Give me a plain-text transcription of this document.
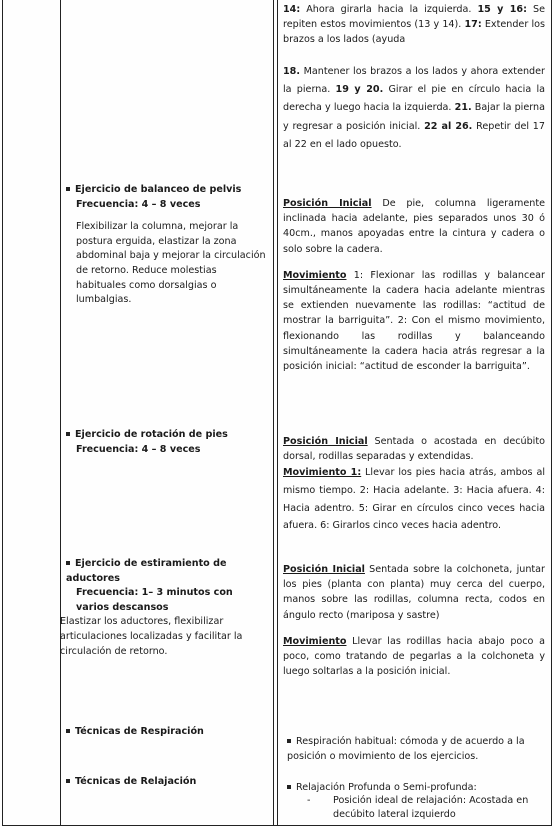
14: Ahora girarla hacia la izquierda. 15 y 16: Se repiten estos movimientos (13 y 14). 17: Extender los brazos a los lados (ayuda

18. Mantener los brazos a los lados y ahora extender la pierna. 19 y 20. Girar el pie en círculo hacia la derecha y luego hacia la izquierda. 21. Bajar la pierna y regresar a posición inicial. 22 al 26. Repetir del 17 al 22 en el lado opuesto.

Ejercicio de balanceo de pelvis

Frecuencia: 4 – 8 veces

Flexibilizar la columna, mejorar la postura erguida, elastizar la zona abdominal baja y mejorar la circulación de retorno. Reduce molestias habituales como dorsalgias o lumbalgias.

Posición Inicial De pie, columna ligeramente inclinada hacia adelante, pies separados unos 30 ó 40cm., manos apoyadas entre la cintura y cadera o solo sobre la cadera.

Movimiento 1: Flexionar las rodillas y balancear simultáneamente la cadera hacia adelante mientras se extienden nuevamente las rodillas: “actitud de mostrar la barriguita”. 2: Con el mismo movimiento, flexionando las rodillas y balanceando simultáneamente la cadera hacia atrás regresar a la posición inicial: “actitud de esconder la barriguita”.

Ejercicio de rotación de pies

Frecuencia: 4 – 8 veces

Posición Inicial Sentada o acostada en decúbito dorsal, rodillas separadas y extendidas.

Movimiento 1: Llevar los pies hacia atrás, ambos al mismo tiempo. 2: Hacia adelante. 3: Hacia afuera. 4: Hacia adentro. 5: Girar en círculos cinco veces hacia afuera. 6: Girarlos cinco veces hacia adentro.

Ejercicio de estiramiento de aductores

Frecuencia: 1– 3 minutos con varios descansos

Elastizar los aductores, flexibilizar articulaciones localizadas y facilitar la circulación de retorno.

Posición Inicial Sentada sobre la colchoneta, juntar los pies (planta con planta) muy cerca del cuerpo, manos sobre las rodillas, columna recta, codos en ángulo recto (mariposa y sastre)

Movimiento Llevar las rodillas hacia abajo poco a poco, como tratando de pegarlas a la colchoneta y luego soltarlas a la posición inicial.

Técnicas de Respiración

Respiración habitual: cómoda y de acuerdo a la posición o movimiento de los ejercicios.

Técnicas de Relajación

Relajación Profunda o Semi-profunda:

-	Posición ideal de relajación: Acostada en decúbito lateral izquierdo
